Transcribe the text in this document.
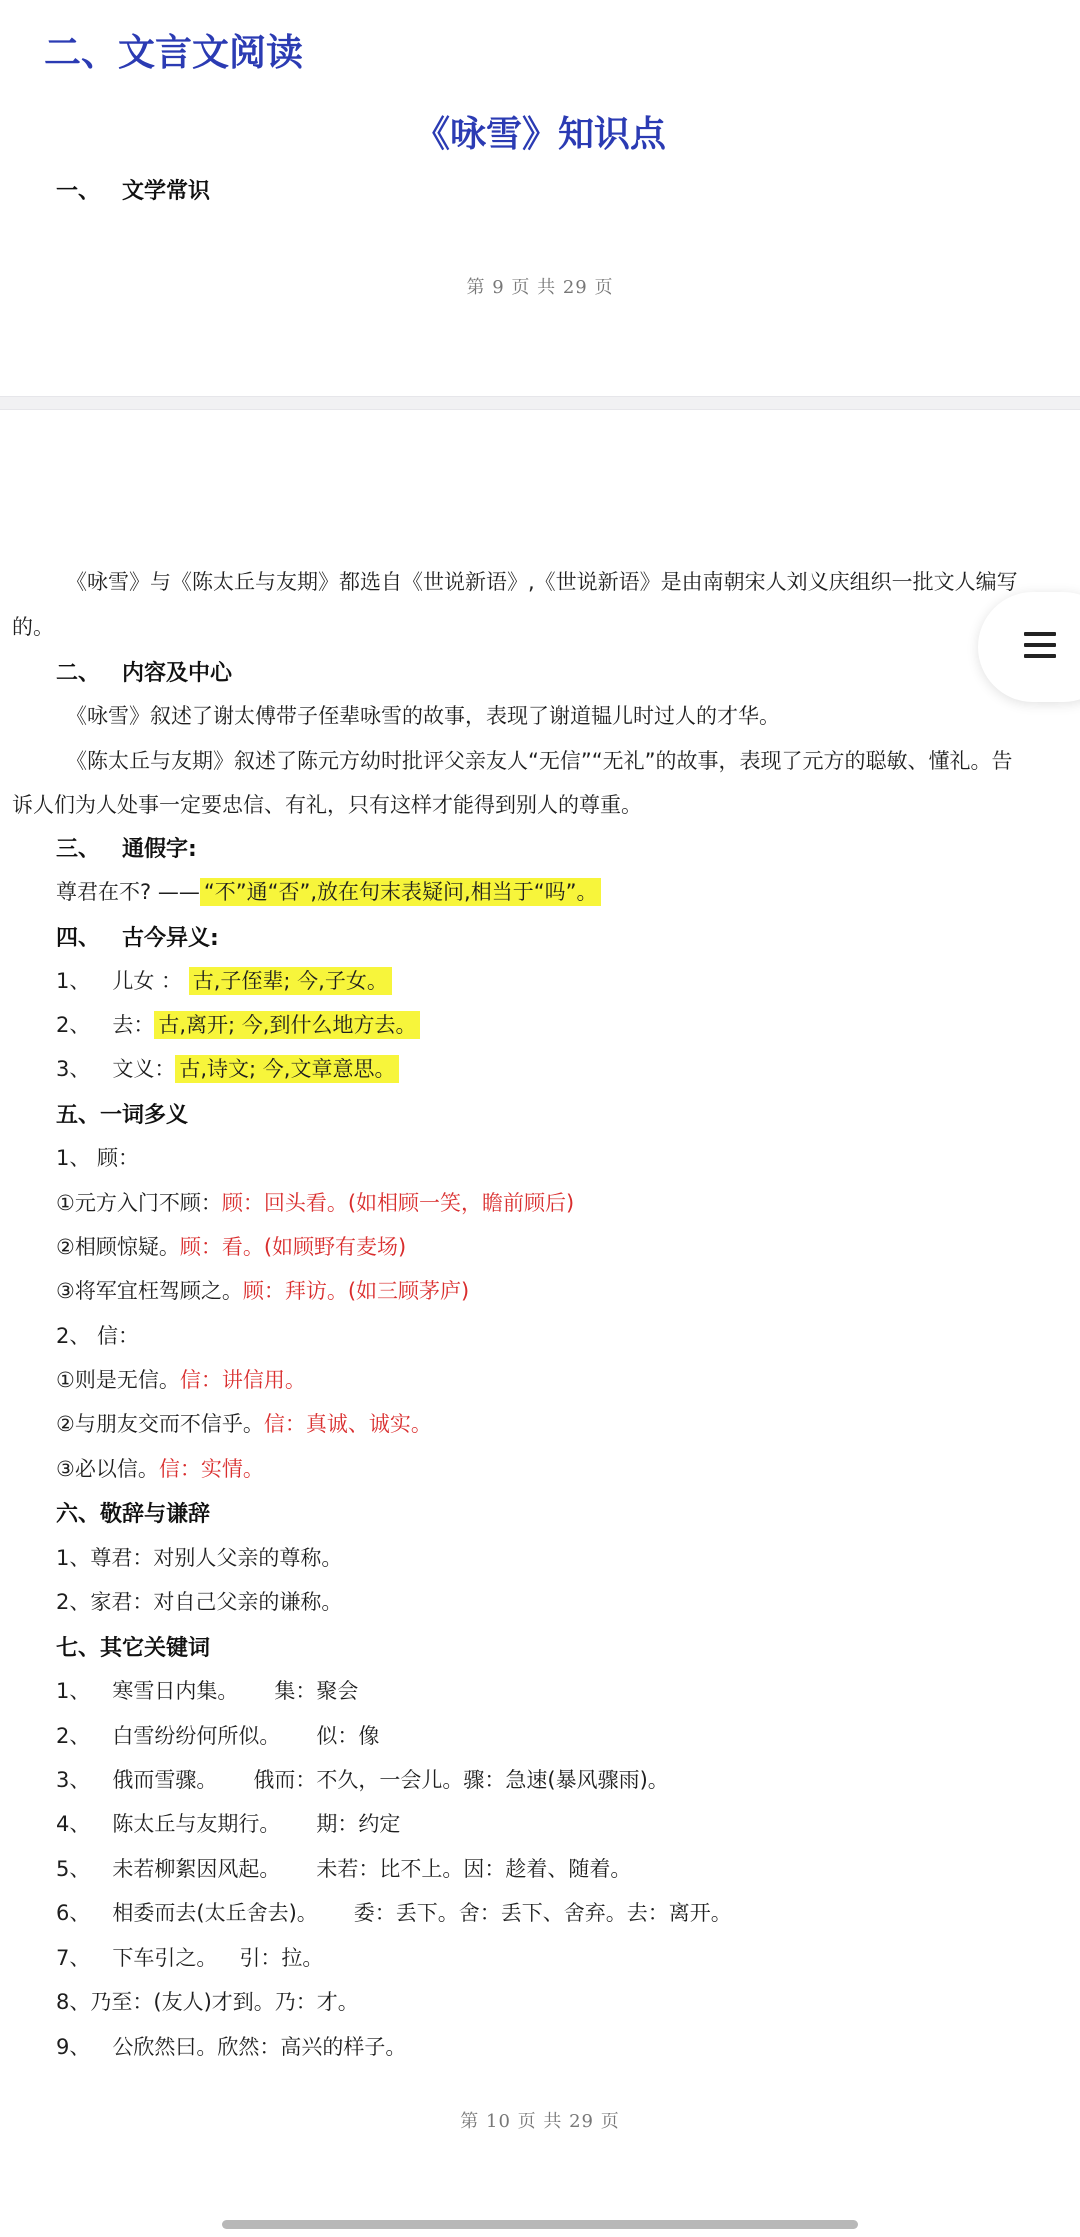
二、文言文阅读
《咏雪》知识点
一、 文学常识
第 9 页 共 29 页
《咏雪》与《陈太丘与友期》都选自《世说新语》,《世说新语》是由南朝宋人刘义庆组织一批文人编写
的。
二、 内容及中心
《咏雪》叙述了谢太傅带子侄辈咏雪的故事，表现了谢道韫儿时过人的才华。
《陈太丘与友期》叙述了陈元方幼时批评父亲友人“无信”“无礼”的故事，表现了元方的聪敏、懂礼。告
诉人们为人处事一定要忠信、有礼，只有这样才能得到别人的尊重。
三、 通假字:
尊君在不? —— “不”通“否”,放在句末表疑问,相当于“吗”。
四、 古今异义:
1、 儿女 ： 古,子侄辈; 今,子女。
2、 去： 古,离开; 今,到什么地方去。
3、 文义： 古,诗文; 今,文章意思。
五、一词多义
1、 顾：
①元方入门不顾：顾：回头看。(如相顾一笑，瞻前顾后)
②相顾惊疑。顾：看。(如顾野有麦场)
③将军宜枉驾顾之。顾：拜访。(如三顾茅庐)
2、 信：
①则是无信。信：讲信用。
②与朋友交而不信乎。信：真诚、诚实。
③必以信。信：实情。
六、敬辞与谦辞
1、尊君：对别人父亲的尊称。
2、家君：对自己父亲的谦称。
七、其它关键词
1、 寒雪日内集。 集：聚会
2、 白雪纷纷何所似。 似：像
3、 俄而雪骤。 俄而：不久，一会儿。骤：急速(暴风骤雨)。
4、 陈太丘与友期行。 期：约定
5、 未若柳絮因风起。 未若：比不上。因：趁着、随着。
6、 相委而去(太丘舍去)。 委：丢下。舍：丢下、舍弃。去：离开。
7、 下车引之。 引：拉。
8、乃至：(友人)才到。乃：才。
9、 公欣然曰。欣然：高兴的样子。
第 10 页 共 29 页
